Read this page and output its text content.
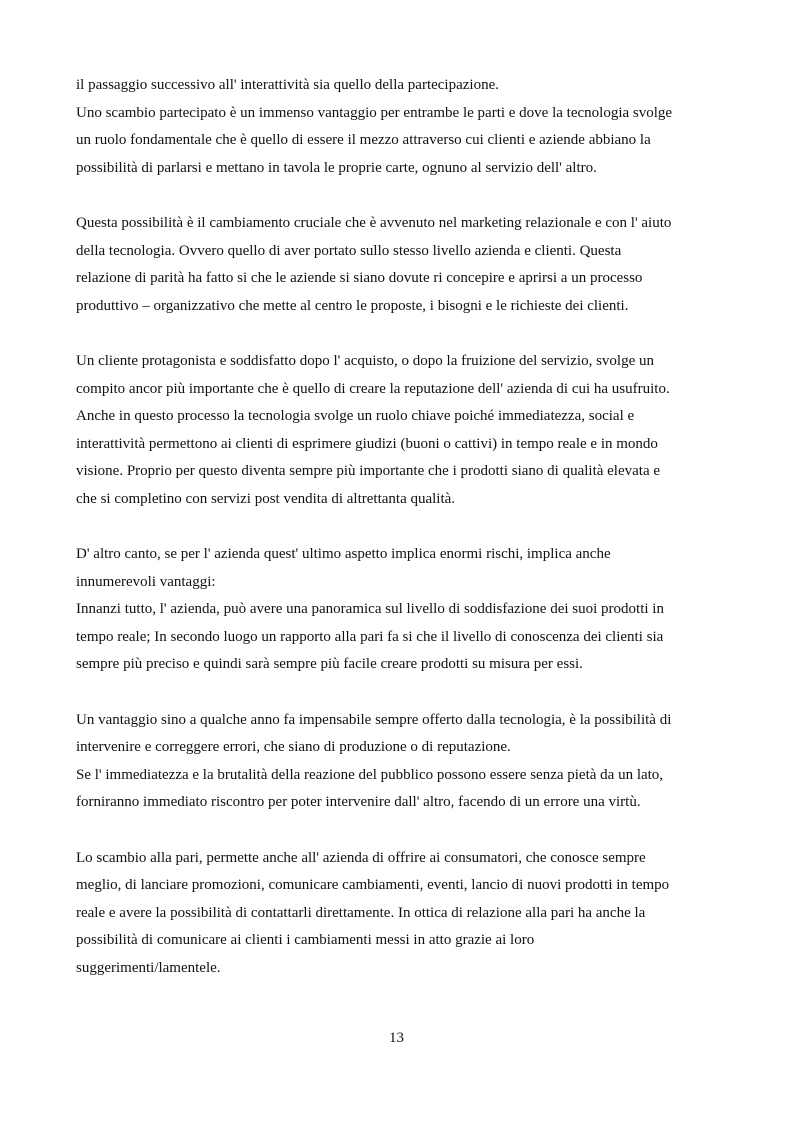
il passaggio successivo all' interattività sia quello della partecipazione.
Uno scambio partecipato è un immenso vantaggio per entrambe le parti e dove la tecnologia svolge
un ruolo fondamentale che è quello di essere il mezzo attraverso cui clienti e aziende abbiano la
possibilità di parlarsi e mettano in tavola le proprie carte, ognuno al servizio dell' altro.
Questa possibilità è il cambiamento cruciale che è avvenuto nel marketing relazionale e con l' aiuto
della tecnologia. Ovvero quello di aver portato sullo stesso livello azienda e clienti. Questa
relazione di parità ha fatto si che le aziende si siano dovute ri concepire e aprirsi a un processo
produttivo – organizzativo che mette al centro le proposte, i bisogni e le richieste dei clienti.
Un cliente protagonista e soddisfatto dopo l' acquisto, o dopo la fruizione del servizio, svolge un
compito ancor più importante che è quello di creare la reputazione dell' azienda di cui ha usufruito.
Anche in questo processo la tecnologia svolge un ruolo chiave poiché immediatezza, social e
interattività permettono ai clienti di esprimere giudizi (buoni o cattivi) in tempo reale e in mondo
visione. Proprio per questo diventa sempre più importante che i prodotti siano di qualità elevata e
che si completino con servizi post vendita di altrettanta qualità.
D' altro canto, se per l' azienda quest' ultimo aspetto implica enormi rischi, implica anche
innumerevoli vantaggi:
Innanzi tutto, l' azienda, può avere una panoramica sul livello di soddisfazione dei suoi prodotti in
tempo reale; In secondo luogo un rapporto alla pari fa si che il livello di conoscenza dei clienti sia
sempre più preciso e quindi sarà sempre più facile creare prodotti su misura per essi.
Un vantaggio sino a qualche anno fa impensabile sempre offerto dalla tecnologia, è la possibilità di
intervenire e correggere errori, che siano di produzione o di reputazione.
Se l' immediatezza e la brutalità della reazione del pubblico possono essere senza pietà da un lato,
forniranno immediato riscontro per poter intervenire dall' altro, facendo di un errore una virtù.
Lo scambio alla pari, permette anche all' azienda di offrire ai consumatori, che conosce sempre
meglio, di lanciare promozioni, comunicare cambiamenti, eventi, lancio di nuovi prodotti in tempo
reale e avere la possibilità di contattarli direttamente. In ottica di relazione alla pari ha anche la
possibilità di comunicare ai clienti i cambiamenti messi in atto grazie ai loro
suggerimenti/lamentele.
13
